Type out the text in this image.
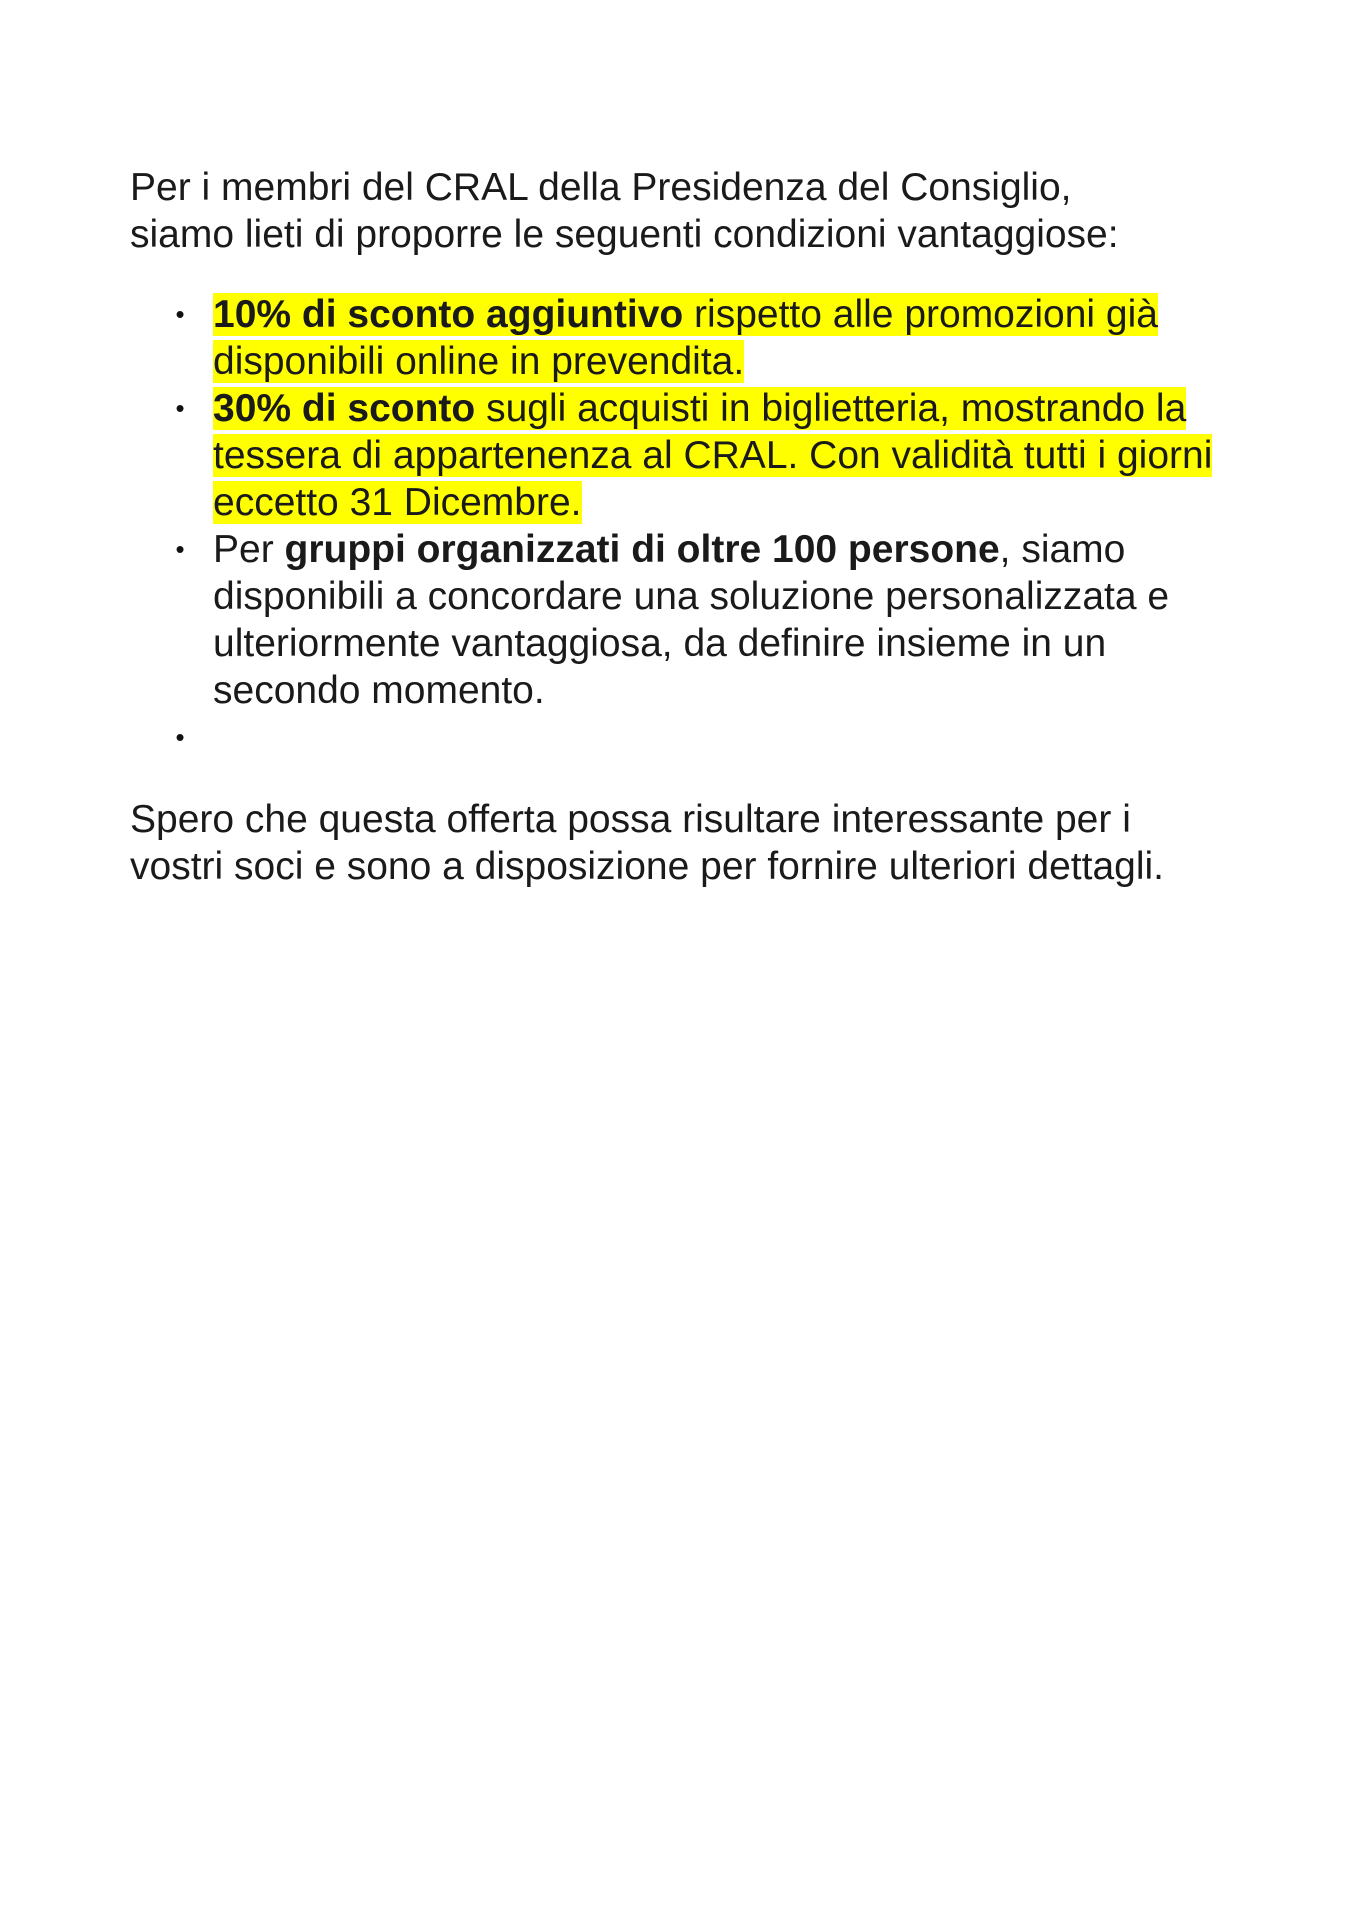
Per i membri del CRAL della Presidenza del Consiglio,
siamo lieti di proporre le seguenti condizioni vantaggiose:

• 10% di sconto aggiuntivo rispetto alle promozioni già disponibili online in prevendita.
• 30% di sconto sugli acquisti in biglietteria, mostrando la tessera di appartenenza al CRAL. Con validità tutti i giorni eccetto 31 Dicembre.
• Per gruppi organizzati di oltre 100 persone, siamo disponibili a concordare una soluzione personalizzata e ulteriormente vantaggiosa, da definire insieme in un secondo momento.
•

Spero che questa offerta possa risultare interessante per i
vostri soci e sono a disposizione per fornire ulteriori dettagli.
